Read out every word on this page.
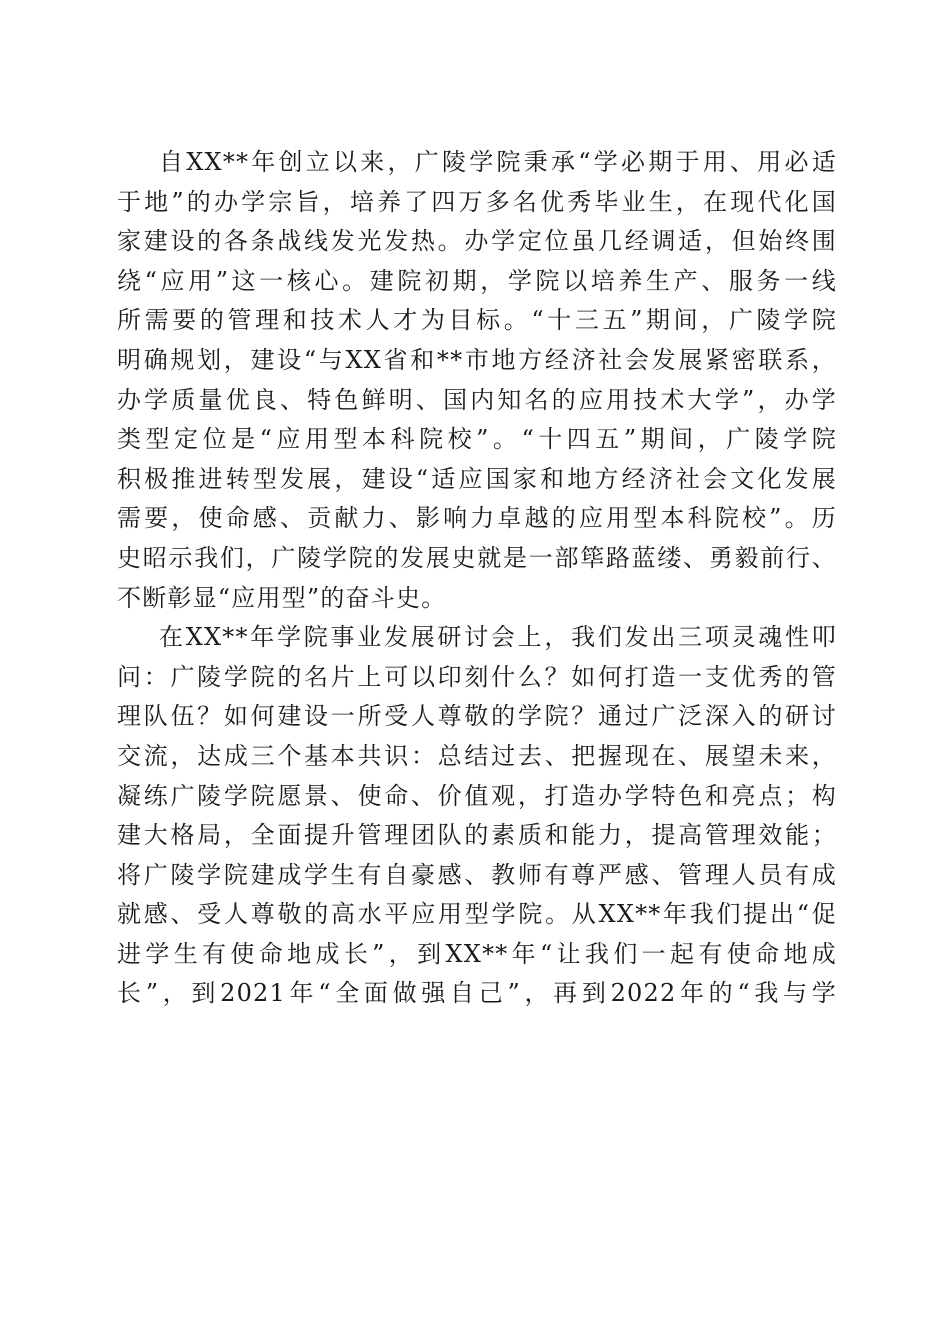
自XX**年创立以来，广陵学院秉承“学必期于用、用必适
于地”的办学宗旨，培养了四万多名优秀毕业生，在现代化国
家建设的各条战线发光发热。办学定位虽几经调适，但始终围
绕“应用”这一核心。建院初期，学院以培养生产、服务一线
所需要的管理和技术人才为目标。“十三五”期间，广陵学院
明确规划，建设“与XX省和**市地方经济社会发展紧密联系，
办学质量优良、特色鲜明、国内知名的应用技术大学”，办学
类型定位是“应用型本科院校”。“十四五”期间，广陵学院
积极推进转型发展，建设“适应国家和地方经济社会文化发展
需要，使命感、贡献力、影响力卓越的应用型本科院校”。历
史昭示我们，广陵学院的发展史就是一部筚路蓝缕、勇毅前行、
不断彰显“应用型”的奋斗史。
在XX**年学院事业发展研讨会上，我们发出三项灵魂性叩
问：广陵学院的名片上可以印刻什么？如何打造一支优秀的管
理队伍？如何建设一所受人尊敬的学院？通过广泛深入的研讨
交流，达成三个基本共识：总结过去、把握现在、展望未来，
凝练广陵学院愿景、使命、价值观，打造办学特色和亮点；构
建大格局，全面提升管理团队的素质和能力，提高管理效能；
将广陵学院建成学生有自豪感、教师有尊严感、管理人员有成
就感、受人尊敬的高水平应用型学院。从XX**年我们提出“促
进学生有使命地成长”，到XX**年“让我们一起有使命地成
长”，到2021年“全面做强自己”，再到2022年的“我与学
